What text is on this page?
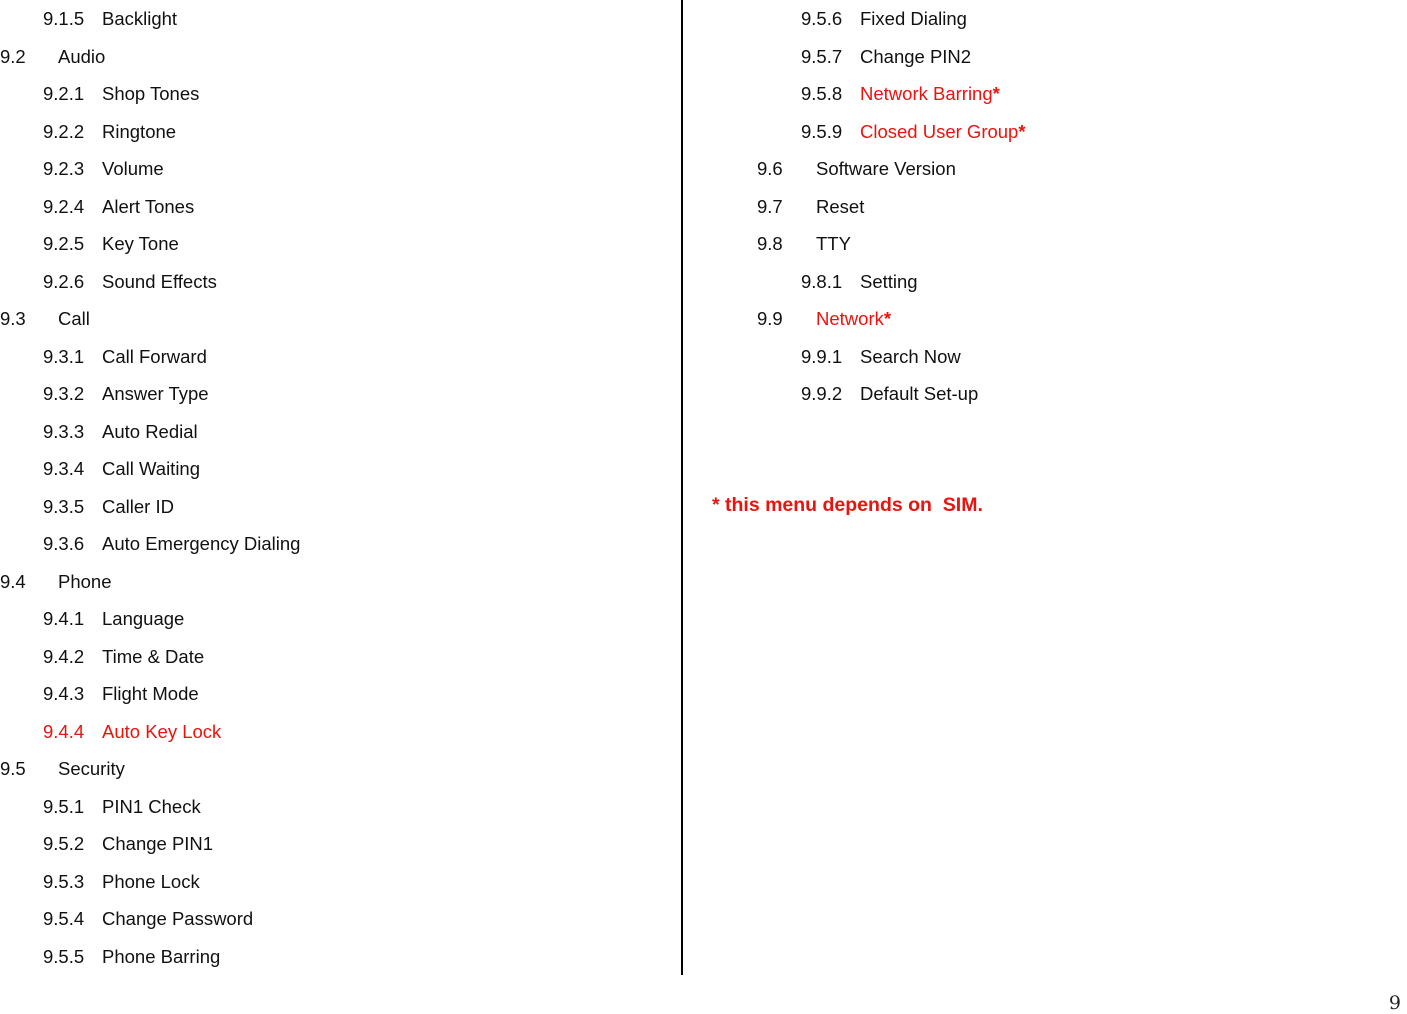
9.1.5 Backlight
9.2 Audio
9.2.1 Shop Tones
9.2.2 Ringtone
9.2.3 Volume
9.2.4 Alert Tones
9.2.5 Key Tone
9.2.6 Sound Effects
9.3 Call
9.3.1 Call Forward
9.3.2 Answer Type
9.3.3 Auto Redial
9.3.4 Call Waiting
9.3.5 Caller ID
9.3.6 Auto Emergency Dialing
9.4 Phone
9.4.1 Language
9.4.2 Time & Date
9.4.3 Flight Mode
9.4.4 Auto Key Lock
9.5 Security
9.5.1 PIN1 Check
9.5.2 Change PIN1
9.5.3 Phone Lock
9.5.4 Change Password
9.5.5 Phone Barring
9.5.6 Fixed Dialing
9.5.7 Change PIN2
9.5.8 Network Barring*
9.5.9 Closed User Group*
9.6 Software Version
9.7 Reset
9.8 TTY
9.8.1 Setting
9.9 Network*
9.9.1 Search Now
9.9.2 Default Set-up
* this menu depends on  SIM.
9
